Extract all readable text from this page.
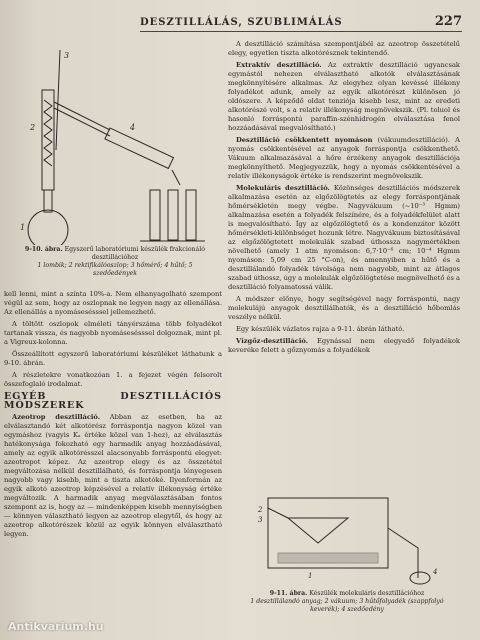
DESZTILLÁLÁS, SZUBLIMÁLÁS	227
3
2	4
1
9-10. ábra. Egyszerű laboratóriumi készülék frakcionáló desztillációhoz
1 lombik; 2 rektifikálóoszlop; 3 hőmérő; 4 hűtő; 5 szedőedények

kell lenni, mint a színta 10%-a. Nem elhanyagolható szempont végül az sem, hogy az oszlopnak ne legyen nagy az ellenállása. Az ellenállás a nyomásesésssel jellemezhető.

A töltött oszlopok elméleti tányérszáma több folyadékot tartanak vissza, és nagyobb nyomásesésssel dolgoznak, mint pl. a Vigreux-kolonna.

Összeállított egyszerű laboratóriumi készüléket láthatunk a 9-10. ábrán.

A részletekre vonatkozóan 1. a fejezet végén felsorolt összefoglaló irodalmat.

EGYÉB DESZTILLÁCIÓS MÓDSZEREK

Azeotrop desztilláció. Abban az esetben, ha az elválasztandó két alkotórész forráspontja nagyon közel van egymáshoz (vagyis Kₐ értéke közel van 1-hez), az elválasztás hatékonysága fokozható egy harmadik anyag hozzáadásával, amely az egyik alkotórésszel alacsonyabb forráspontú elegyet: azeotropot képez. Az azeotrop elegy és az összetétel megváltozása nélkül desztillálható, és forráspontja lényegesen nagyobb vagy kisebb, mint a tiszta alkotóké. Ilyenformán az egyik alkotó azeotrop képzésével a relatív illékonyság értéke megváltozik. A harmadik anyag megválasztásában fontos szempont az is, hogy az — mindenképpen kisebb mennyiségben — könnyen választható legyen az azeotrop elegytől, és hogy az azeotrop alkotórészek közül az egyik könnyen elválasztható legyen.

A desztilláció számítása szempontjából az azeotrop összetételű elegy, egyetlen tiszta alkotórésznek tekintendő.

Extraktív desztilláció. Az extraktív desztilláció ugyancsak egymástól nehezen elválasztható alkotók elválasztásának megkönnyítésére alkalmas. Az elegyhez olyan kevéssé illékony folyadékot adunk, amely az egyik alkotórészt különösen jó oldószere. A képződő oldat tenziója kisebb lesz, mint az eredeti alkotórészé volt, s a relatív illékonyság megnövekszik. (Pl. toluol és hasonló forráspontú paraffin-szénhidrogén elválasztása fenol hozzáadásával megvalósítható.)

Desztilláció csökkentett nyomáson (vákuumdesztilláció). A nyomás csökkentésével az anyagok forráspontja csökkenthető. Vákuum alkalmazásával a hőre érzékeny anyagok desztillációja megkönnyíthető. Megjegyezzük, hogy a nyomás csökkentésével a relatív illékonyságok értéke is rendszerint megnövekszik.

Molekuláris desztilláció. Közönséges desztillációs módszerek alkalmazása esetén az elgőzölögtetés az elegy forráspontjának hőmérsékletén megy végbe. Nagyvákuum (~10⁻³ Hgmm) alkalmazása esetén a folyadék felszínére, és a folyadékfelület alatt is megvalósítható. Így az elgőzölögtető és a kondenzátor között hőmérsékleti-különbséget hozunk létre. Nagyvákuum biztosításával az elgőzölögtetett molekulák szabad úthossza nagymértékben növelhető (amely 1 atm nyomáson: 6,7·10⁻⁶ cm; 10⁻⁴ Hgmm nyomáson: 5,09 cm 25 °C-on), és amennyiben a hűtő és a desztillálandó folyadék távolsága nem nagyobb, mint az átlagos szabad úthossz, úgy a molekulák elgőzölögtetése megnövelhető és a desztilláció folyamatossá válik.

A módszer előnye, hogy segítségével nagy forráspontú, nagy molekulájú anyagok desztillálhatók, és a desztilláció hőbomlás veszélye nélkül.

Egy készülék vázlatos rajza a 9-11. ábrán látható.

Vízgőz-desztilláció. Egynással nem elegyedő folyadékok keveréke felett a gőznyomás a folyadékok

2
3
1	4
9-11. ábra. Készülék molekuláris desztillációhoz
1 desztillálandó anyag; 2 vákuum; 3 hűtőfolyadék (szappfolyó keverék); 4 szedőedény
Antikvarium.hu
